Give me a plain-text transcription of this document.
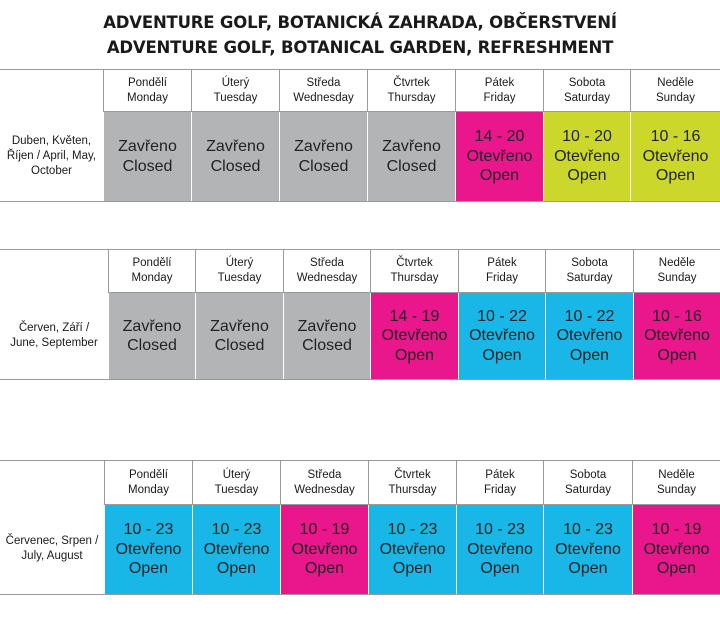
ADVENTURE GOLF, BOTANICKÁ ZAHRADA, OBČERSTVENÍ
ADVENTURE GOLF, BOTANICAL GARDEN, REFRESHMENT
Duben, Květen,
Říjen / April, May,
October
Pondělí
Monday
Zavřeno
Closed
Úterý
Tuesday
Zavřeno
Closed
Středa
Wednesday
Zavřeno
Closed
Čtvrtek
Thursday
Zavřeno
Closed
Pátek
Friday
14 - 20
Otevřeno
Open
Sobota
Saturday
10 - 20
Otevřeno
Open
Neděle
Sunday
10 - 16
Otevřeno
Open
Červen, Září /
June, September
Pondělí
Monday
Zavřeno
Closed
Úterý
Tuesday
Zavřeno
Closed
Středa
Wednesday
Zavřeno
Closed
Čtvrtek
Thursday
14 - 19
Otevřeno
Open
Pátek
Friday
10 - 22
Otevřeno
Open
Sobota
Saturday
10 - 22
Otevřeno
Open
Neděle
Sunday
10 - 16
Otevřeno
Open
Červenec, Srpen /
July, August
Pondělí
Monday
10 - 23
Otevřeno
Open
Úterý
Tuesday
10 - 23
Otevřeno
Open
Středa
Wednesday
10 - 19
Otevřeno
Open
Čtvrtek
Thursday
10 - 23
Otevřeno
Open
Pátek
Friday
10 - 23
Otevřeno
Open
Sobota
Saturday
10 - 23
Otevřeno
Open
Neděle
Sunday
10 - 19
Otevřeno
Open
